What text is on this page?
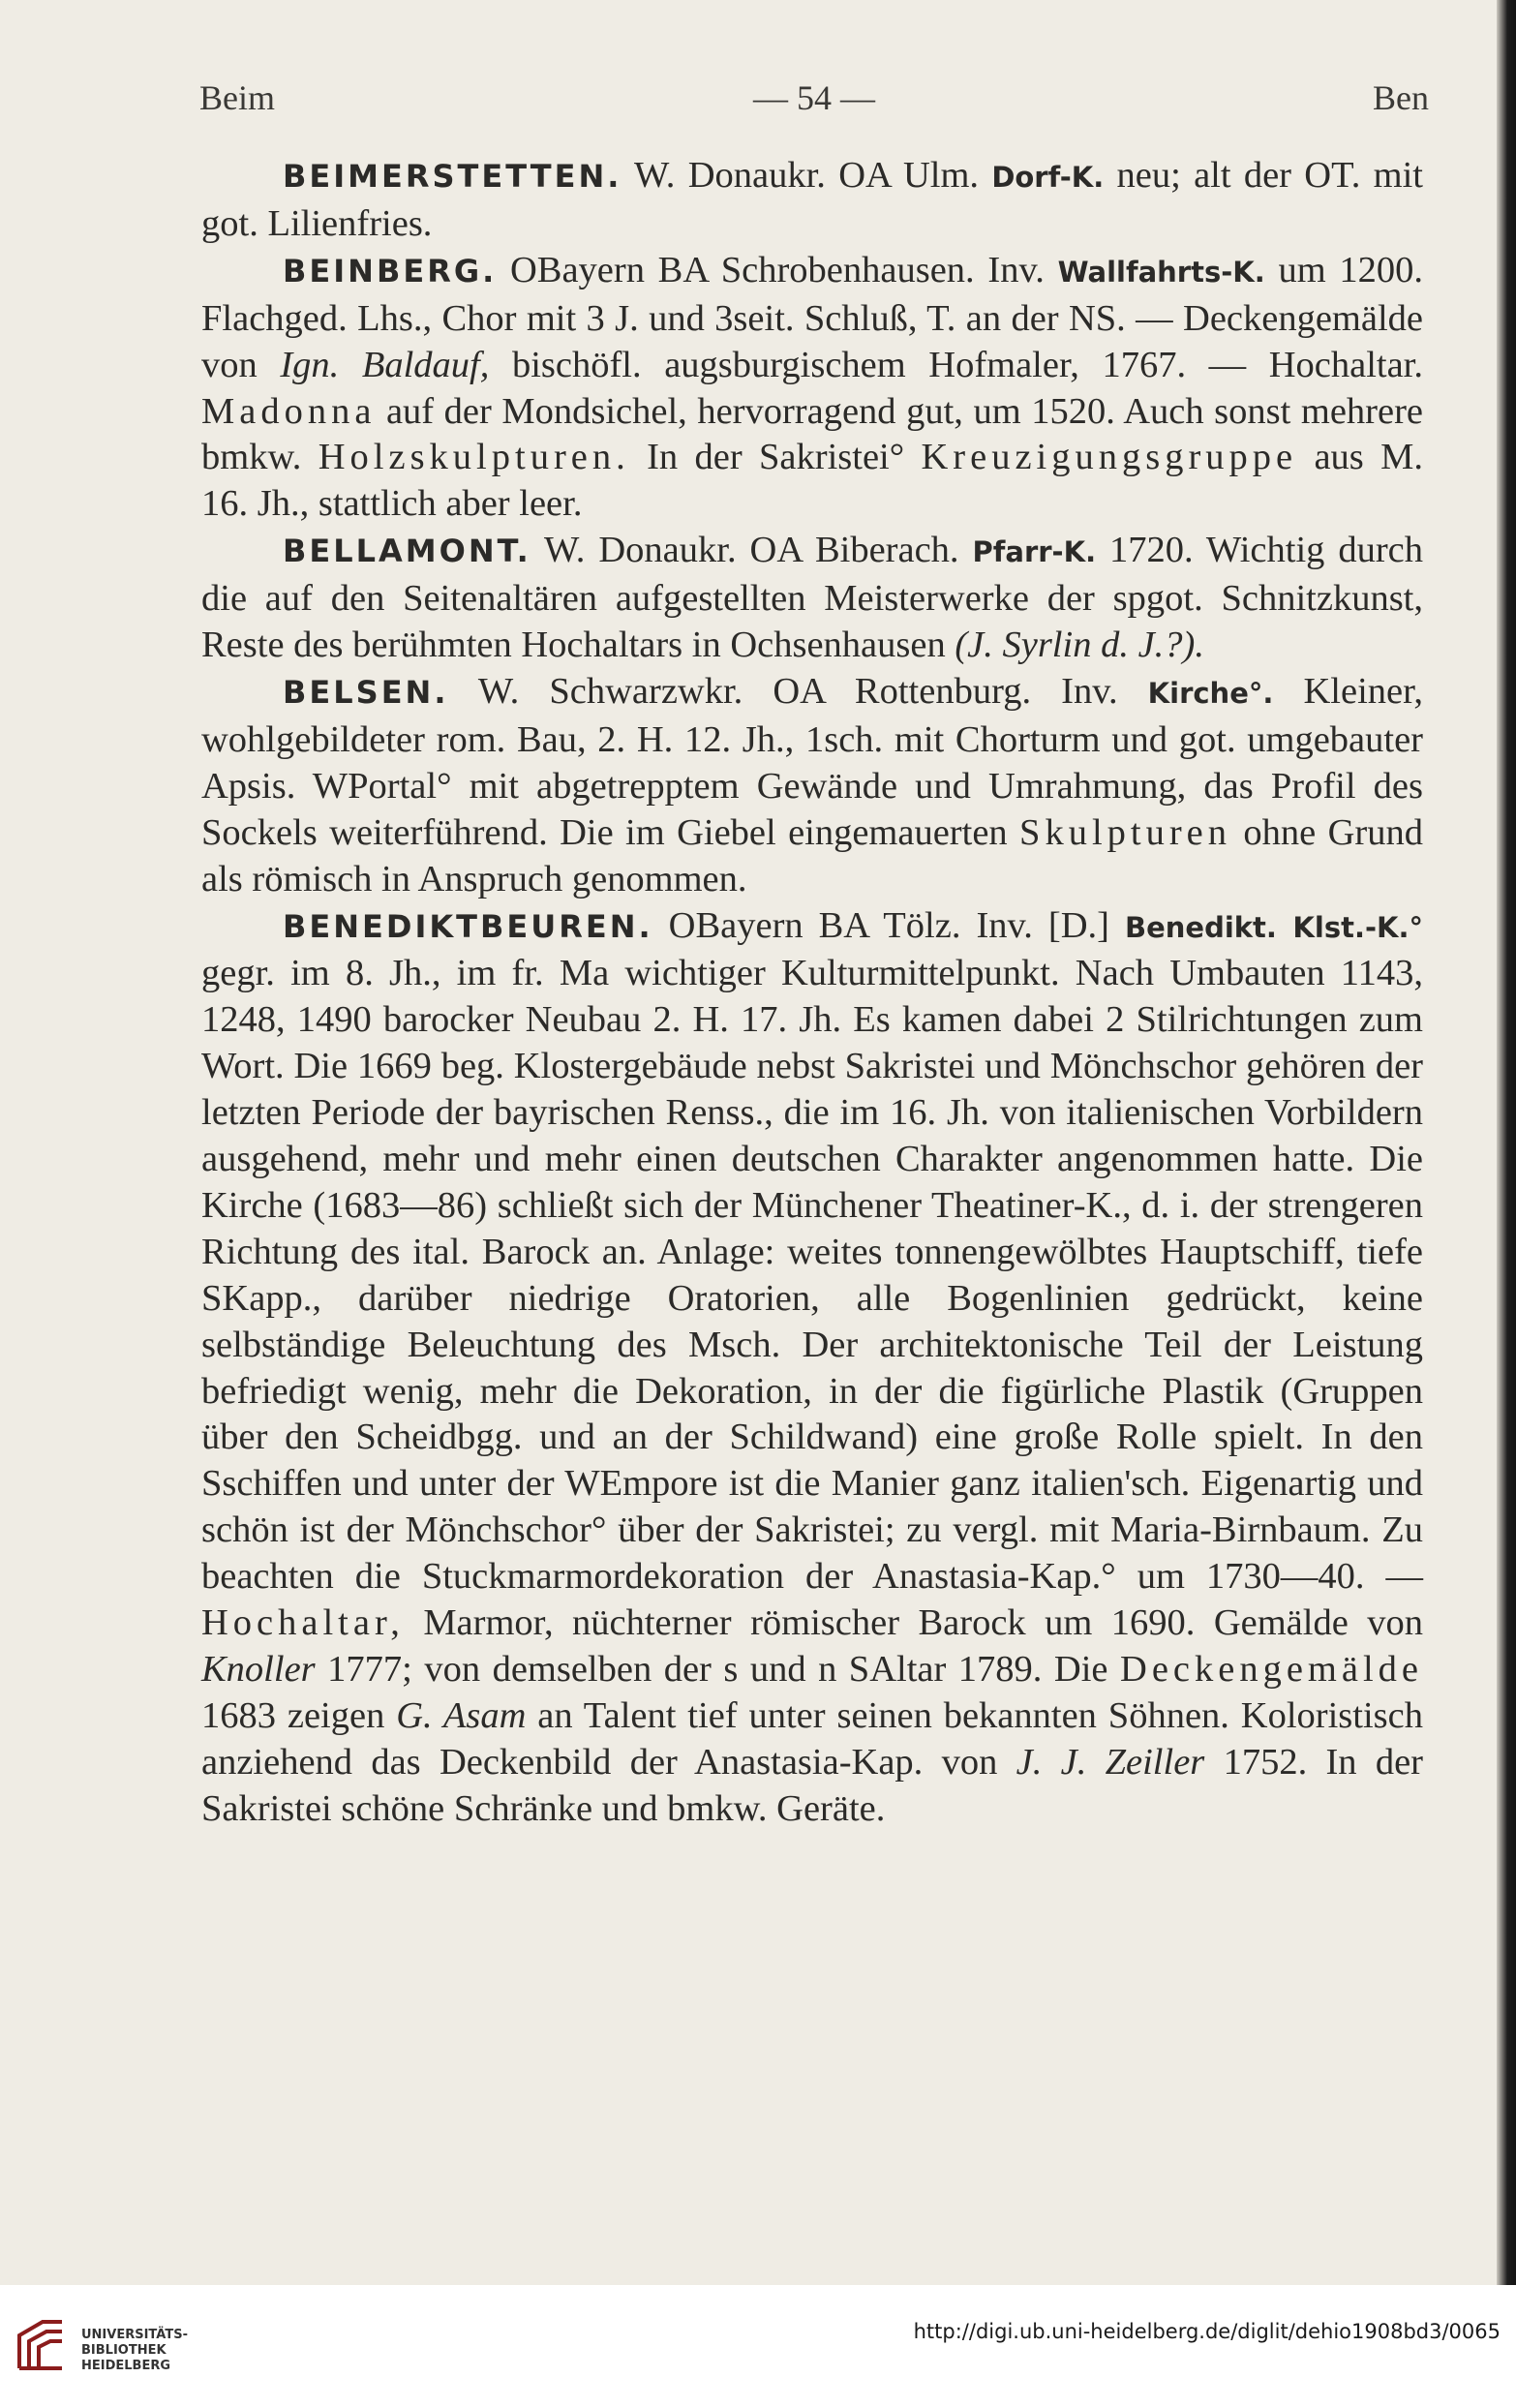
Beim	— 54 —	Ben

BEIMERSTETTEN. W. Donaukr. OA Ulm. Dorf-K. neu; alt der OT. mit got. Lilienfries.

BEINBERG. OBayern BA Schrobenhausen. Inv. Wallfahrts-K. um 1200. Flachged. Lhs., Chor mit 3 J. und 3seit. Schluß, T. an der NS. — Deckengemälde von Ign. Baldauf, bischöfl. augsburgischem Hofmaler, 1767. — Hochaltar. Madonna auf der Mondsichel, hervorragend gut, um 1520. Auch sonst mehrere bmkw. Holzskulpturen. In der Sakristei° Kreuzigungsgruppe aus M. 16. Jh., stattlich aber leer.

BELLAMONT. W. Donaukr. OA Biberach. Pfarr-K. 1720. Wichtig durch die auf den Seitenaltären aufgestellten Meisterwerke der spgot. Schnitzkunst, Reste des berühmten Hochaltars in Ochsenhausen (J. Syrlin d. J.?).

BELSEN. W. Schwarzwkr. OA Rottenburg. Inv. Kirche°. Kleiner, wohlgebildeter rom. Bau, 2. H. 12. Jh., 1sch. mit Chorturm und got. umgebauter Apsis. WPortal° mit abgetrepptem Gewände und Umrahmung, das Profil des Sockels weiterführend. Die im Giebel eingemauerten Skulpturen ohne Grund als römisch in Anspruch genommen.

BENEDIKTBEUREN. OBayern BA Tölz. Inv. [D.] Benedikt. Klst.-K.° gegr. im 8. Jh., im fr. Ma wichtiger Kulturmittelpunkt. Nach Umbauten 1143, 1248, 1490 barocker Neubau 2. H. 17. Jh. Es kamen dabei 2 Stilrichtungen zum Wort. Die 1669 beg. Klostergebäude nebst Sakristei und Mönchschor gehören der letzten Periode der bayrischen Renss., die im 16. Jh. von italienischen Vorbildern ausgehend, mehr und mehr einen deutschen Charakter angenommen hatte. Die Kirche (1683—86) schließt sich der Münchener Theatiner-K., d. i. der strengeren Richtung des ital. Barock an. Anlage: weites tonnengewölbtes Hauptschiff, tiefe SKapp., darüber niedrige Oratorien, alle Bogenlinien gedrückt, keine selbständige Beleuchtung des Msch. Der architektonische Teil der Leistung befriedigt wenig, mehr die Dekoration, in der die figürliche Plastik (Gruppen über den Scheidbgg. und an der Schildwand) eine große Rolle spielt. In den Sschiffen und unter der WEmpore ist die Manier ganz italien'sch. Eigenartig und schön ist der Mönchschor° über der Sakristei; zu vergl. mit Maria-Birnbaum. Zu beachten die Stuckmarmordekoration der Anastasia-Kap.° um 1730—40. — Hochaltar, Marmor, nüchterner römischer Barock um 1690. Gemälde von Knoller 1777; von demselben der s und n SAltar 1789. Die Deckengemälde 1683 zeigen G. Asam an Talent tief unter seinen bekannten Söhnen. Koloristisch anziehend das Deckenbild der Anastasia-Kap. von J. J. Zeiller 1752. In der Sakristei schöne Schränke und bmkw. Geräte.

UNIVERSITÄTS-
BIBLIOTHEK
HEIDELBERG
http://digi.ub.uni-heidelberg.de/diglit/dehio1908bd3/0065
